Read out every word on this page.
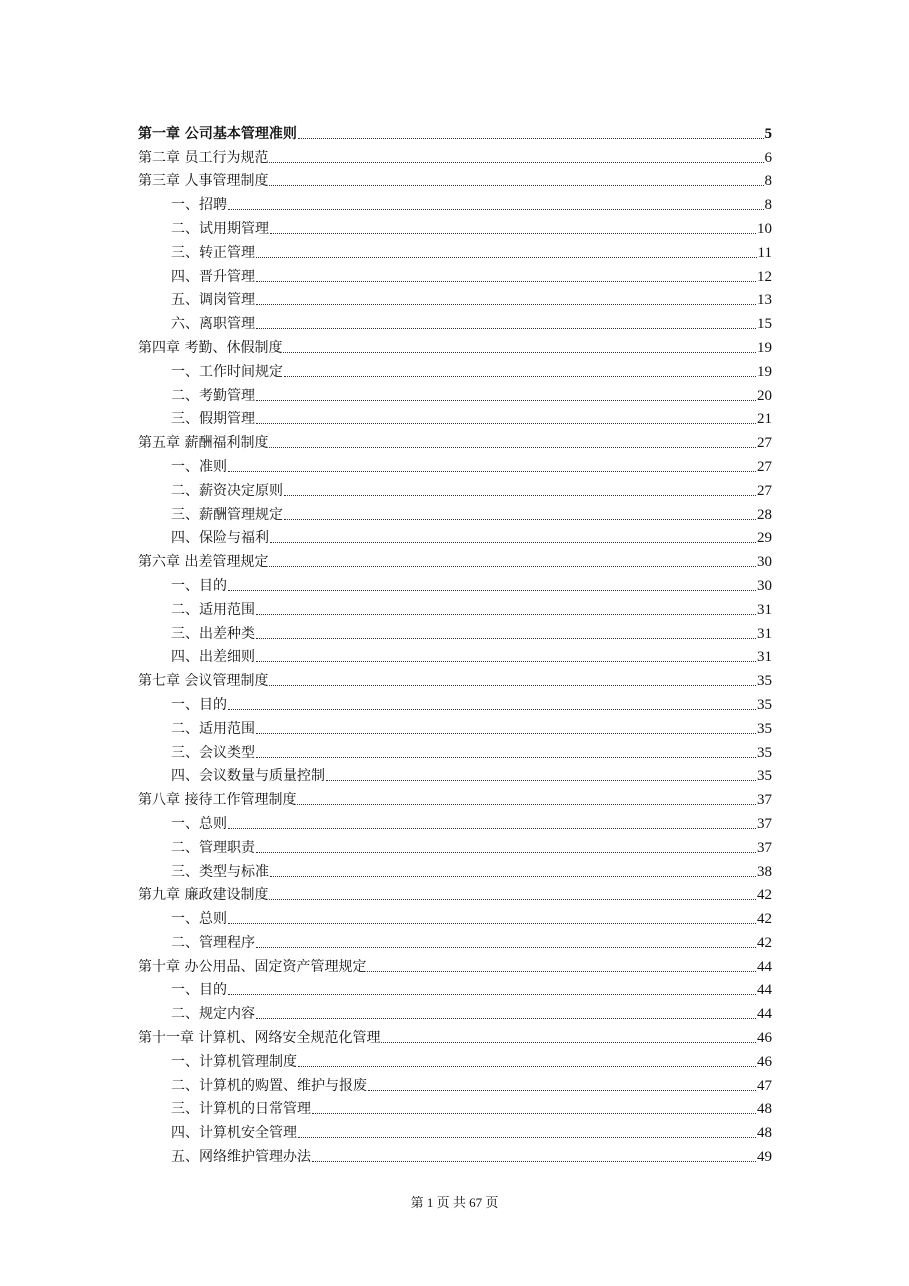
第一章 公司基本管理准则	5
第二章 员工行为规范	6
第三章 人事管理制度	8
一、招聘	8
二、试用期管理	10
三、转正管理	11
四、晋升管理	12
五、调岗管理	13
六、离职管理	15
第四章 考勤、休假制度	19
一、工作时间规定	19
二、考勤管理	20
三、假期管理	21
第五章 薪酬福利制度	27
一、准则	27
二、薪资决定原则	27
三、薪酬管理规定	28
四、保险与福利	29
第六章 出差管理规定	30
一、目的	30
二、适用范围	31
三、出差种类	31
四、出差细则	31
第七章 会议管理制度	35
一、目的	35
二、适用范围	35
三、会议类型	35
四、会议数量与质量控制	35
第八章 接待工作管理制度	37
一、总则	37
二、管理职责	37
三、类型与标准	38
第九章 廉政建设制度	42
一、总则	42
二、管理程序	42
第十章 办公用品、固定资产管理规定	44
一、目的	44
二、规定内容	44
第十一章 计算机、网络安全规范化管理	46
一、计算机管理制度	46
二、计算机的购置、维护与报废	47
三、计算机的日常管理	48
四、计算机安全管理	48
五、网络维护管理办法	49
第 1 页 共 67 页
